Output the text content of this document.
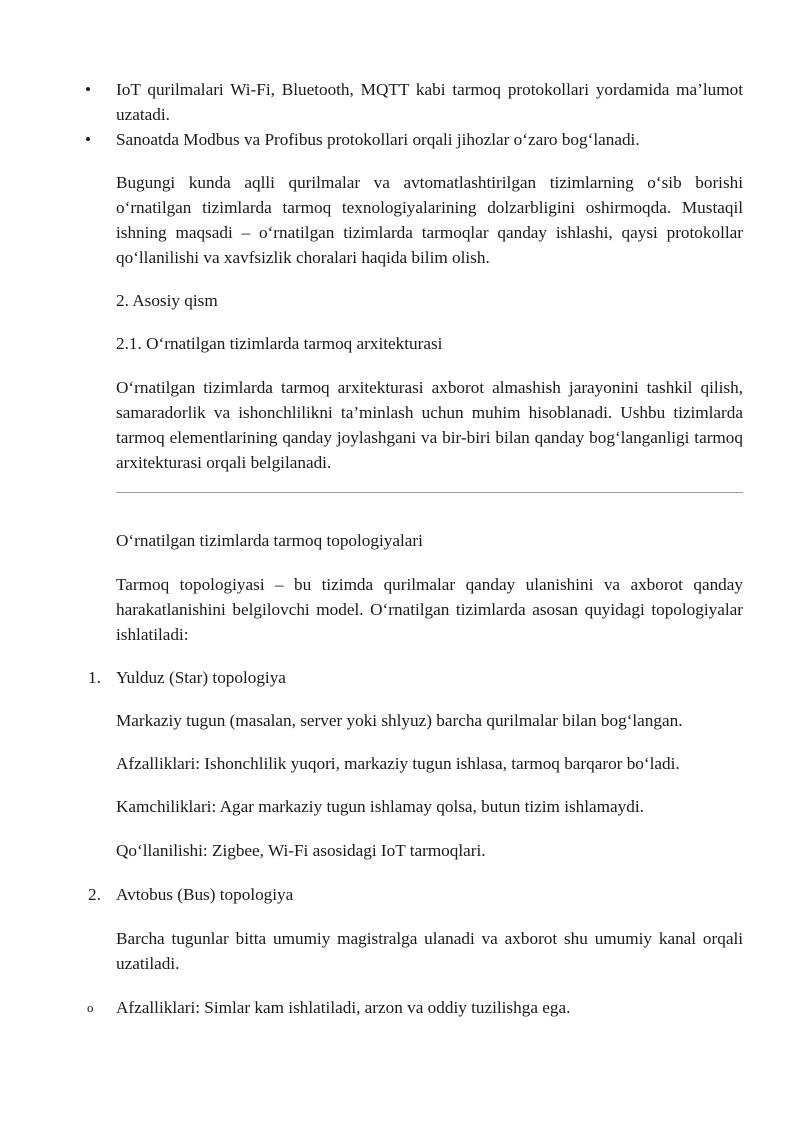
•

IoT qurilmalari Wi-Fi, Bluetooth, MQTT kabi tarmoq protokollari yordamida ma’lumot uzatadi.

•

Sanoatda Modbus va Profibus protokollari orqali jihozlar o‘zaro bog‘lanadi.

Bugungi kunda aqlli qurilmalar va avtomatlashtirilgan tizimlarning o‘sib borishi o‘rnatilgan tizimlarda tarmoq texnologiyalarining dolzarbligini oshirmoqda. Mustaqil ishning maqsadi – o‘rnatilgan tizimlarda tarmoqlar qanday ishlashi, qaysi protokollar qo‘llanilishi va xavfsizlik choralari haqida bilim olish.

2. Asosiy qism

2.1. O‘rnatilgan tizimlarda tarmoq arxitekturasi

O‘rnatilgan tizimlarda tarmoq arxitekturasi axborot almashish jarayonini tashkil qilish, samaradorlik va ishonchlilikni ta’minlash uchun muhim hisoblanadi. Ushbu tizimlarda tarmoq elementlarining qanday joylashgani va bir-biri bilan qanday bog‘langanligi tarmoq arxitekturasi orqali belgilanadi.

O‘rnatilgan tizimlarda tarmoq topologiyalari

Tarmoq topologiyasi – bu tizimda qurilmalar qanday ulanishini va axborot qanday harakatlanishini belgilovchi model. O‘rnatilgan tizimlarda asosan quyidagi topologiyalar ishlatiladi:

1. Yulduz (Star) topologiya

Markaziy tugun (masalan, server yoki shlyuz) barcha qurilmalar bilan bog‘langan.

Afzalliklari: Ishonchlilik yuqori, markaziy tugun ishlasa, tarmoq barqaror bo‘ladi.

Kamchiliklari: Agar markaziy tugun ishlamay qolsa, butun tizim ishlamaydi.

Qo‘llanilishi: Zigbee, Wi-Fi asosidagi IoT tarmoqlari.

2. Avtobus (Bus) topologiya

Barcha tugunlar bitta umumiy magistralga ulanadi va axborot shu umumiy kanal orqali uzatiladi.

o Afzalliklari: Simlar kam ishlatiladi, arzon va oddiy tuzilishga ega.
